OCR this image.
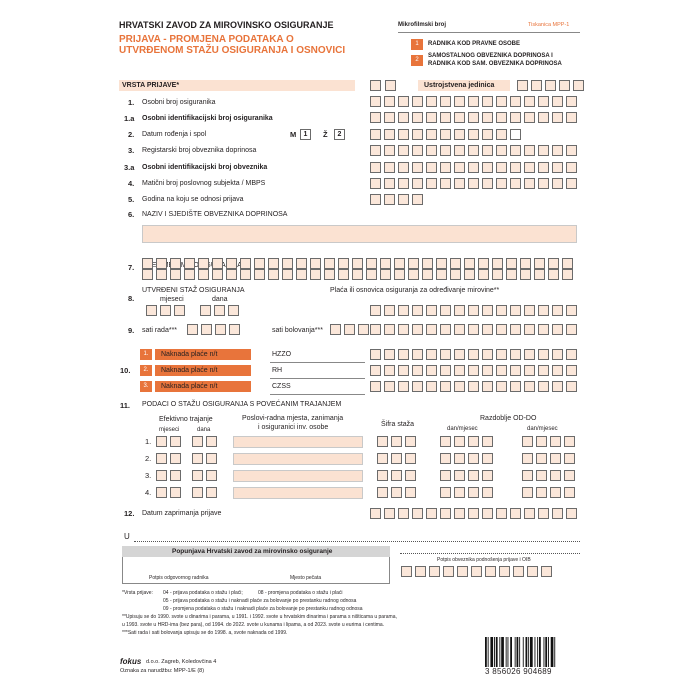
HRVATSKI ZAVOD ZA MIROVINSKO OSIGURANJE
PRIJAVA - PROMJENA PODATAKA O
UTVRĐENOM STAŽU OSIGURANJA I OSNOVICI
Mikrofilmski broj	Tiskanica MPP-1
1	RADNIKA KOD PRAVNE OSOBE
2
SAMOSTALNOG OBVEZNIKA DOPRINOSA I
RADNIKA KOD SAM. OBVEZNIKA DOPRINOSA
VRSTA PRIJAVE*	Ustrojstvena jedinica
1. Osobni broj osiguranika
1.a Osobni identifikacijski broj osiguranika
2. Datum rođenja i spol	M	1	Ž	2
3. Registarski broj obveznika doprinosa
3.a Osobni identifikacijski broj obveznika
4. Matični broj poslovnog subjekta / MBPS
5. Godina na koju se odnosi prijava
6. NAZIV I SJEDIŠTE OBVEZNIKA DOPRINOSA
7.
UTVRĐENI STAŽ OSIGURANJA
mjeseci	dana
8.
Plaća ili osnovica osiguranja za određivanje mirovine**
9. sati rada***	sati bolovanja***
10.
1.	Naknada plaće n/t	HZZO
2.	Naknada plaće n/t	RH
3.	Naknada plaće n/t	CZSS
11. PODACI O STAŽU OSIGURANJA S POVEĆANIM TRAJANJEM
Efektivno trajanje
mjeseci	dana
Poslovi-radna mjesta, zanimanja
i osiguranici inv. osobe	Šifra staža
Razdoblje OD-DO
dan/mjesec	dan/mjesec
1.
2.
3.
4.
12. Datum zaprimanja prijave
U
Popunjava Hrvatski zavod za mirovinsko osiguranje
Potpis odgovornog radnika	Mjesto pečata
Potpis obveznika podnošenja prijave i OIB
*Vrsta prijave: 04 - prijava podataka o stažu i plaći;	08 - promjena podataka o stažu i plaći
05 - prijava podataka o stažu i naknadi plaće za bolovanje po prestanku radnog odnosa
09 - promjena podataka o stažu i naknadi plaće za bolovanje po prestanku radnog odnosa
**Upisuju se do 1990. svote u dinarima i parama, u 1991. i 1992. svote u hrvatskim dinarima i parama s ništicama u parama,
u 1993. svote u HRD-ima (bez para), od 1994. do 2022. svote u kunama i lipama, a od 2023. svote u eurima i centima.
***Sati rada i sati bolovanja upisuju se do 1998. a, svote naknada od 1999.
fokus d.o.o. Zagreb, Koledovčina 4
Oznaka za narudžbu: MPP-1/E (8)	3 856026 904689
